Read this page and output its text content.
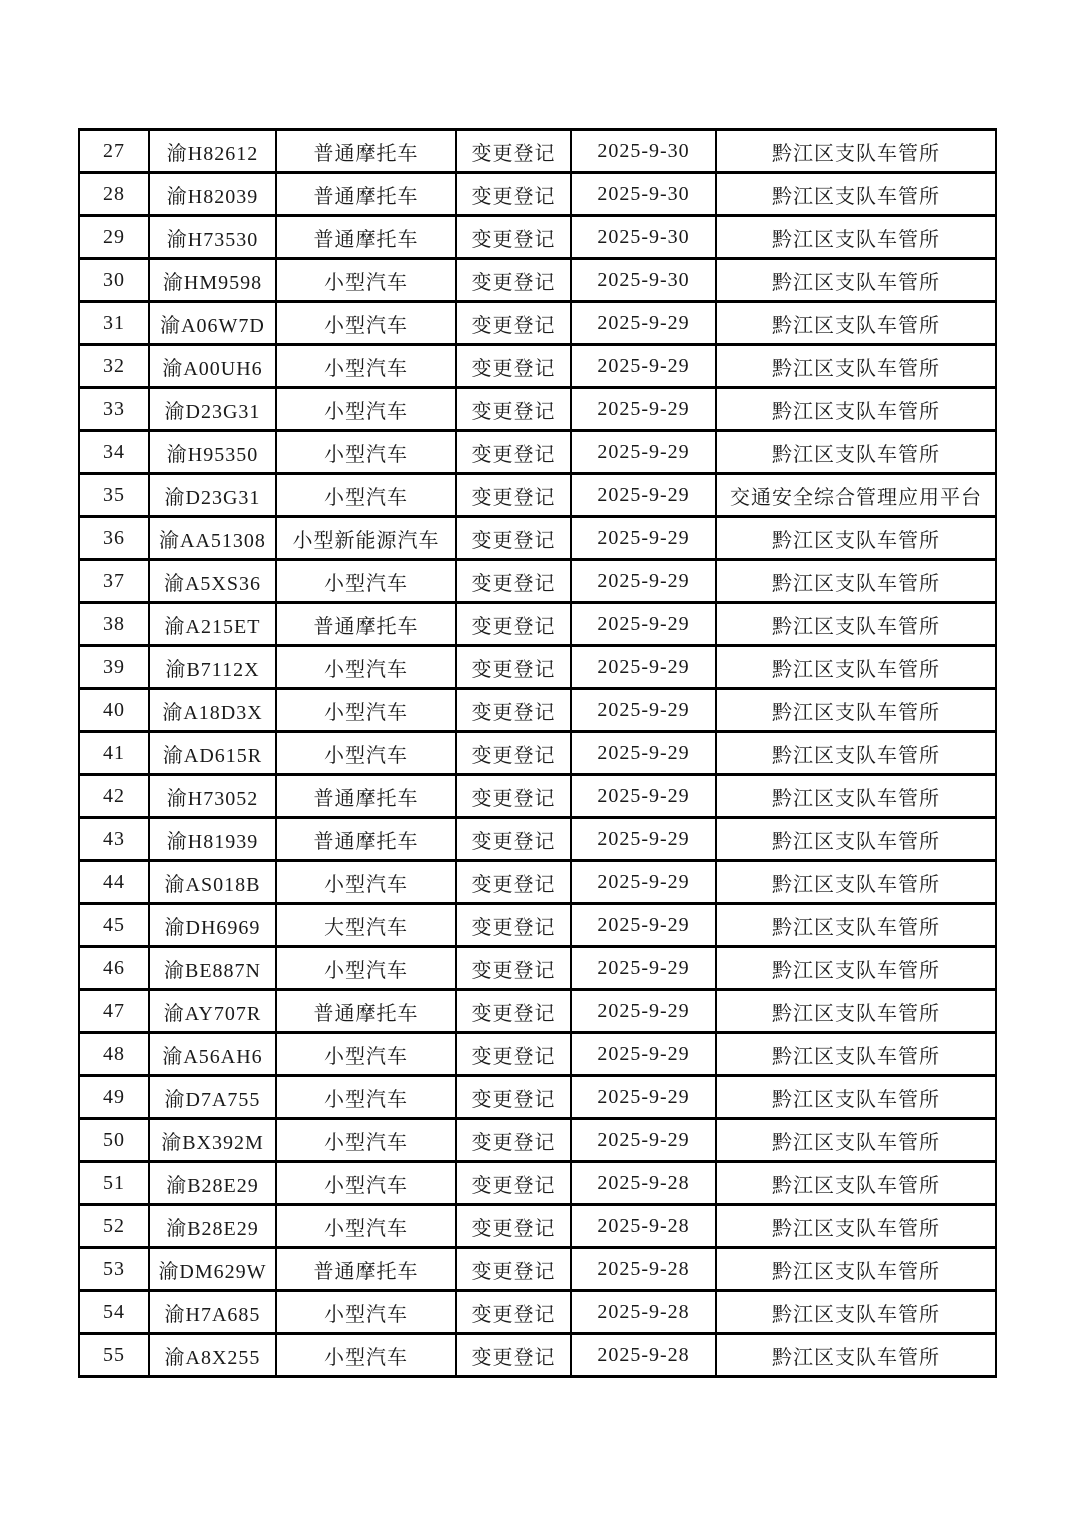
27	渝H82612	普通摩托车	变更登记	2025-9-30	黔江区支队车管所
28	渝H82039	普通摩托车	变更登记	2025-9-30	黔江区支队车管所
29	渝H73530	普通摩托车	变更登记	2025-9-30	黔江区支队车管所
30	渝HM9598	小型汽车	变更登记	2025-9-30	黔江区支队车管所
31	渝A06W7D	小型汽车	变更登记	2025-9-29	黔江区支队车管所
32	渝A00UH6	小型汽车	变更登记	2025-9-29	黔江区支队车管所
33	渝D23G31	小型汽车	变更登记	2025-9-29	黔江区支队车管所
34	渝H95350	小型汽车	变更登记	2025-9-29	黔江区支队车管所
35	渝D23G31	小型汽车	变更登记	2025-9-29	交通安全综合管理应用平台
36	渝AA51308	小型新能源汽车	变更登记	2025-9-29	黔江区支队车管所
37	渝A5XS36	小型汽车	变更登记	2025-9-29	黔江区支队车管所
38	渝A215ET	普通摩托车	变更登记	2025-9-29	黔江区支队车管所
39	渝B7112X	小型汽车	变更登记	2025-9-29	黔江区支队车管所
40	渝A18D3X	小型汽车	变更登记	2025-9-29	黔江区支队车管所
41	渝AD615R	小型汽车	变更登记	2025-9-29	黔江区支队车管所
42	渝H73052	普通摩托车	变更登记	2025-9-29	黔江区支队车管所
43	渝H81939	普通摩托车	变更登记	2025-9-29	黔江区支队车管所
44	渝AS018B	小型汽车	变更登记	2025-9-29	黔江区支队车管所
45	渝DH6969	大型汽车	变更登记	2025-9-29	黔江区支队车管所
46	渝BE887N	小型汽车	变更登记	2025-9-29	黔江区支队车管所
47	渝AY707R	普通摩托车	变更登记	2025-9-29	黔江区支队车管所
48	渝A56AH6	小型汽车	变更登记	2025-9-29	黔江区支队车管所
49	渝D7A755	小型汽车	变更登记	2025-9-29	黔江区支队车管所
50	渝BX392M	小型汽车	变更登记	2025-9-29	黔江区支队车管所
51	渝B28E29	小型汽车	变更登记	2025-9-28	黔江区支队车管所
52	渝B28E29	小型汽车	变更登记	2025-9-28	黔江区支队车管所
53	渝DM629W	普通摩托车	变更登记	2025-9-28	黔江区支队车管所
54	渝H7A685	小型汽车	变更登记	2025-9-28	黔江区支队车管所
55	渝A8X255	小型汽车	变更登记	2025-9-28	黔江区支队车管所
